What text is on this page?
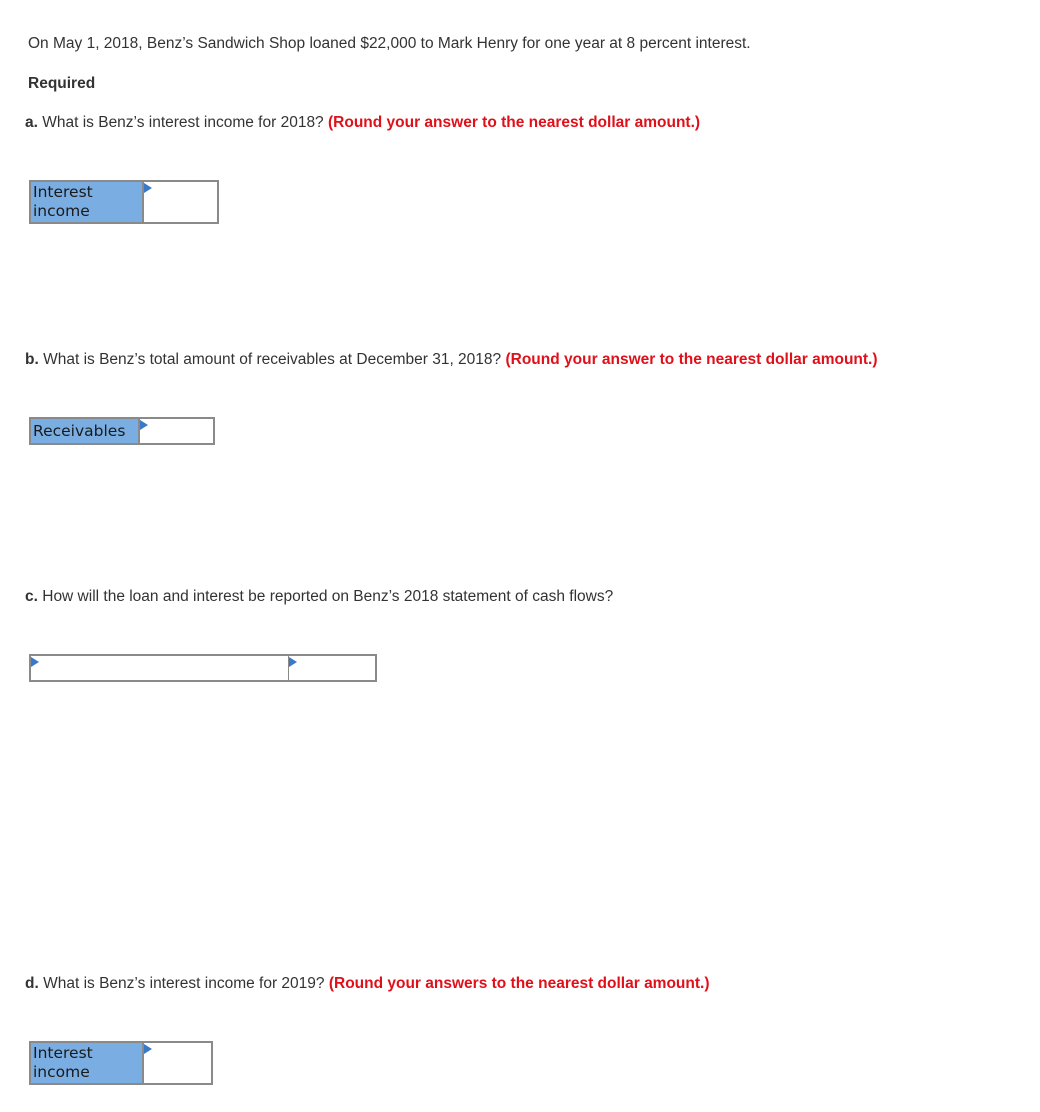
On May 1, 2018, Benz’s Sandwich Shop loaned $22,000 to Mark Henry for one year at 8 percent interest.
Required
a. What is Benz’s interest income for 2018? (Round your answer to the nearest dollar amount.)
Interest
income
b. What is Benz’s total amount of receivables at December 31, 2018? (Round your answer to the nearest dollar amount.)
Receivables
c. How will the loan and interest be reported on Benz’s 2018 statement of cash flows?
d. What is Benz’s interest income for 2019? (Round your answers to the nearest dollar amount.)
Interest
income
